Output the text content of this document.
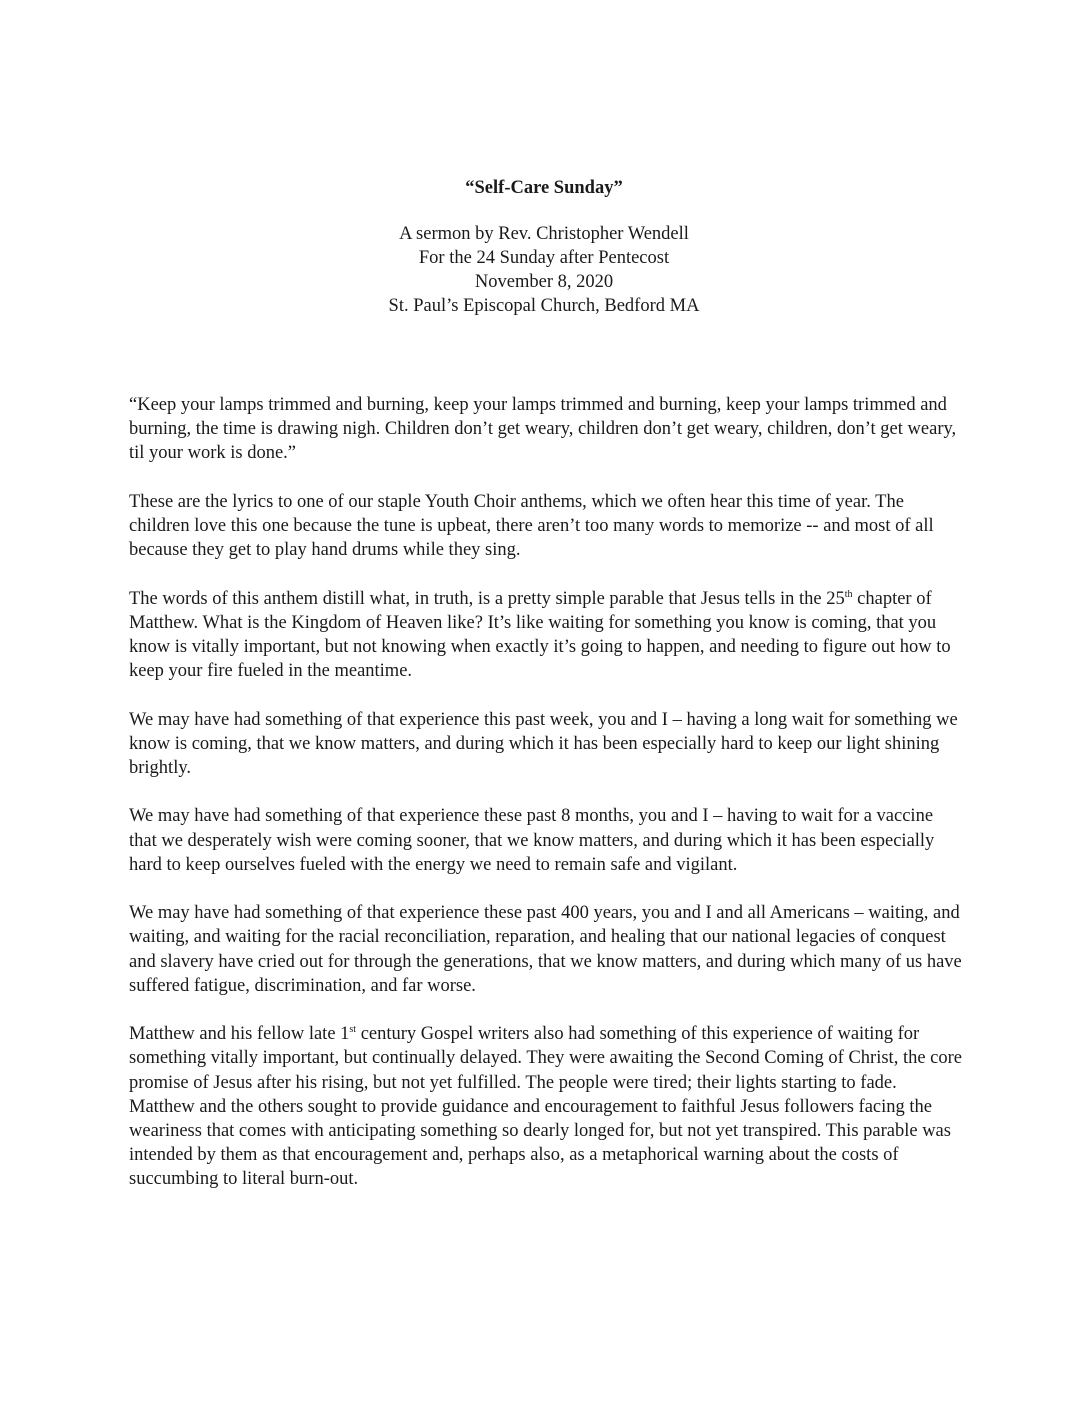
“Self-Care Sunday”
A sermon by Rev. Christopher Wendell
For the 24 Sunday after Pentecost
November 8, 2020
St. Paul’s Episcopal Church, Bedford MA

“Keep your lamps trimmed and burning, keep your lamps trimmed and burning, keep your lamps trimmed and burning, the time is drawing nigh. Children don’t get weary, children don’t get weary, children, don’t get weary, til your work is done.”

These are the lyrics to one of our staple Youth Choir anthems, which we often hear this time of year. The children love this one because the tune is upbeat, there aren’t too many words to memorize -- and most of all because they get to play hand drums while they sing.

The words of this anthem distill what, in truth, is a pretty simple parable that Jesus tells in the 25th chapter of Matthew. What is the Kingdom of Heaven like? It’s like waiting for something you know is coming, that you know is vitally important, but not knowing when exactly it’s going to happen, and needing to figure out how to keep your fire fueled in the meantime.

We may have had something of that experience this past week, you and I – having a long wait for something we know is coming, that we know matters, and during which it has been especially hard to keep our light shining brightly.

We may have had something of that experience these past 8 months, you and I – having to wait for a vaccine that we desperately wish were coming sooner, that we know matters, and during which it has been especially hard to keep ourselves fueled with the energy we need to remain safe and vigilant.

We may have had something of that experience these past 400 years, you and I and all Americans – waiting, and waiting, and waiting for the racial reconciliation, reparation, and healing that our national legacies of conquest and slavery have cried out for through the generations, that we know matters, and during which many of us have suffered fatigue, discrimination, and far worse.

Matthew and his fellow late 1st century Gospel writers also had something of this experience of waiting for something vitally important, but continually delayed. They were awaiting the Second Coming of Christ, the core promise of Jesus after his rising, but not yet fulfilled. The people were tired; their lights starting to fade. Matthew and the others sought to provide guidance and encouragement to faithful Jesus followers facing the weariness that comes with anticipating something so dearly longed for, but not yet transpired. This parable was intended by them as that encouragement and, perhaps also, as a metaphorical warning about the costs of succumbing to literal burn-out.
